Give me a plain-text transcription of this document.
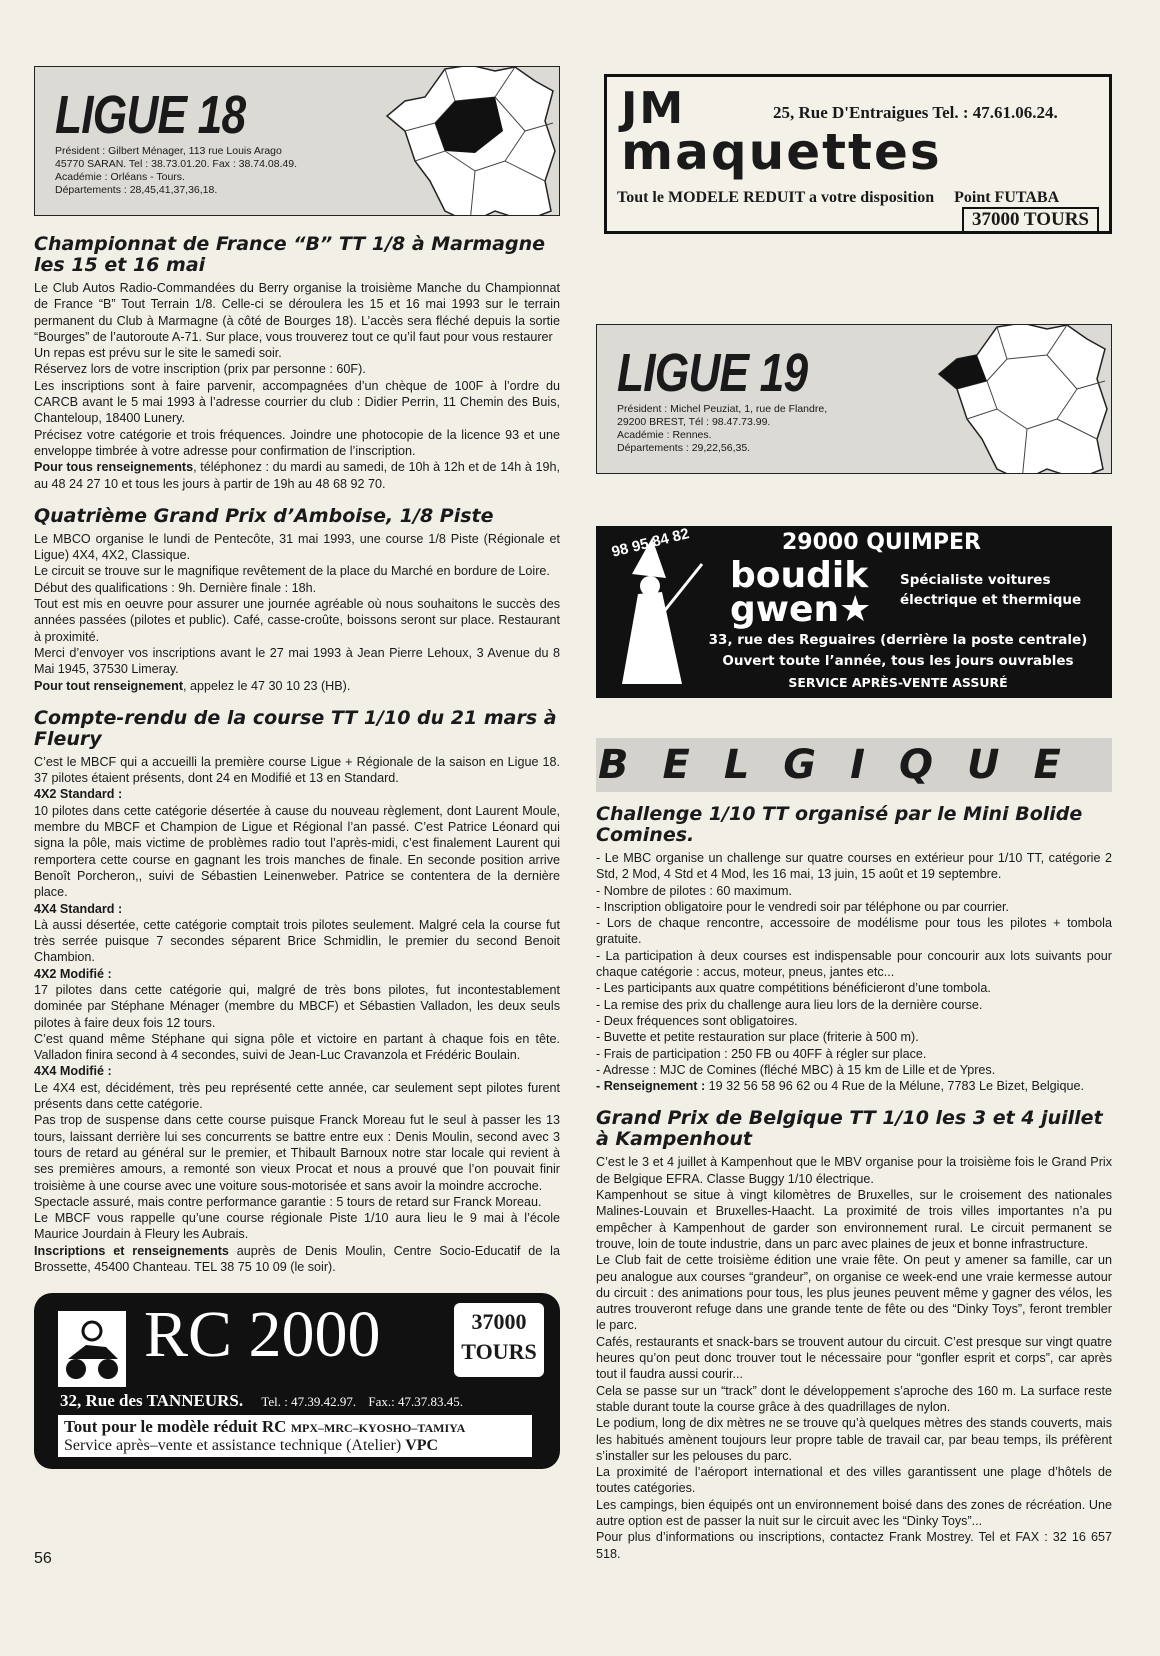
LIGUE 18
Président : Gilbert Ménager, 113 rue Louis Arago
45770 SARAN. Tel : 38.73.01.20. Fax : 38.74.08.49.
Académie : Orléans - Tours.
Départements : 28,45,41,37,36,18.
Championnat de France “B” TT 1/8 à Marmagne les 15 et 16 mai

Le Club Autos Radio-Commandées du Berry organise la troisième Manche du Championnat de France “B” Tout Terrain 1/8. Celle-ci se déroulera les 15 et 16 mai 1993 sur le terrain permanent du Club à Marmagne (à côté de Bourges 18). L’accès sera fléché depuis la sortie “Bourges” de l’autoroute A-71. Sur place, vous trouverez tout ce qu’il faut pour vous restaurer

Un repas est prévu sur le site le samedi soir.

Réservez lors de votre inscription (prix par personne : 60F).

Les inscriptions sont à faire parvenir, accompagnées d’un chèque de 100F à l’ordre du CARCB avant le 5 mai 1993 à l’adresse courrier du club : Didier Perrin, 11 Chemin des Buis, Chanteloup, 18400 Lunery.

Précisez votre catégorie et trois fréquences. Joindre une photocopie de la licence 93 et une enveloppe timbrée à votre adresse pour confirmation de l’inscription.

Pour tous renseignements, téléphonez : du mardi au samedi, de 10h à 12h et de 14h à 19h, au 48 24 27 10 et tous les jours à partir de 19h au 48 68 92 70.

Quatrième Grand Prix d’Amboise, 1/8 Piste

Le MBCO organise le lundi de Pentecôte, 31 mai 1993, une course 1/8 Piste (Régionale et Ligue) 4X4, 4X2, Classique.

Le circuit se trouve sur le magnifique revêtement de la place du Marché en bordure de Loire.

Début des qualifications : 9h. Dernière finale : 18h.

Tout est mis en oeuvre pour assurer une journée agréable où nous souhaitons le succès des années passées (pilotes et public). Café, casse-croûte, boissons seront sur place. Restaurant à proximité.

Merci d’envoyer vos inscriptions avant le 27 mai 1993 à Jean Pierre Lehoux, 3 Avenue du 8 Mai 1945, 37530 Limeray.

Pour tout renseignement, appelez le 47 30 10 23 (HB).

Compte-rendu de la course TT 1/10 du 21 mars à Fleury

C’est le MBCF qui a accueilli la première course Ligue + Régionale de la saison en Ligue 18. 37 pilotes étaient présents, dont 24 en Modifié et 13 en Standard.

4X2 Standard :

10 pilotes dans cette catégorie désertée à cause du nouveau règlement, dont Laurent Moule, membre du MBCF et Champion de Ligue et Régional l’an passé. C’est Patrice Léonard qui signa la pôle, mais victime de problèmes radio tout l’après-midi, c’est finalement Laurent qui remportera cette course en gagnant les trois manches de finale. En seconde position arrive Benoît Porcheron,, suivi de Sébastien Leinenweber. Patrice se contentera de la dernière place.

4X4 Standard :

Là aussi désertée, cette catégorie comptait trois pilotes seulement. Malgré cela la course fut très serrée puisque 7 secondes séparent Brice Schmidlin, le premier du second Benoit Chambion.

4X2 Modifié :

17 pilotes dans cette catégorie qui, malgré de très bons pilotes, fut incontestablement dominée par Stéphane Ménager (membre du MBCF) et Sébastien Valladon, les deux seuls pilotes à faire deux fois 12 tours.

C’est quand même Stéphane qui signa pôle et victoire en partant à chaque fois en tête. Valladon finira second à 4 secondes, suivi de Jean-Luc Cravanzola et Frédéric Boulain.

4X4 Modifié :

Le 4X4 est, décidément, très peu représenté cette année, car seulement sept pilotes furent présents dans cette catégorie.

Pas trop de suspense dans cette course puisque Franck Moreau fut le seul à passer les 13 tours, laissant derrière lui ses concurrents se battre entre eux : Denis Moulin, second avec 3 tours de retard au général sur le premier, et Thibault Barnoux notre star locale qui revient à ses premières amours, a remonté son vieux Procat et nous a prouvé que l’on pouvait finir troisième à une course avec une voiture sous-motorisée et sans avoir la moindre accroche.

Spectacle assuré, mais contre performance garantie : 5 tours de retard sur Franck Moreau.

Le MBCF vous rappelle qu’une course régionale Piste 1/10 aura lieu le 9 mai à l’école Maurice Jourdain à Fleury les Aubrais.

Inscriptions et renseignements auprès de Denis Moulin, Centre Socio-Educatif de la Brossette, 45400 Chanteau. TEL 38 75 10 09 (le soir).

RC 2000	37000
TOURS
32, Rue des TANNEURS. Tel. : 47.39.42.97. Fax.: 47.37.83.45.
Tout pour le modèle réduit RC MPX–MRC–KYOSHO–TAMIYA
Service après–vente et assistance technique (Atelier) VPC
JM
maquettes
25, Rue D'Entraigues Tel. : 47.61.06.24.
Tout le MODELE REDUIT a votre disposition Point FUTABA
37000 TOURS
LIGUE 19
Président : Michel Peuziat, 1, rue de Flandre,
29200 BREST, Tél : 98.47.73.99.
Académie : Rennes.
Départements : 29,22,56,35.
98 95 84 82	29000 QUIMPER
boudik
gwen★
Spécialiste voitures
électrique et thermique
33, rue des Reguaires (derrière la poste centrale)
Ouvert toute l’année, tous les jours ouvrables
SERVICE APRÈS-VENTE ASSURÉ
BELGIQUE
Challenge 1/10 TT organisé par le Mini Bolide Comines.

- Le MBC organise un challenge sur quatre courses en extérieur pour 1/10 TT, catégorie 2 Std, 2 Mod, 4 Std et 4 Mod, les 16 mai, 13 juin, 15 août et 19 septembre.

- Nombre de pilotes : 60 maximum.

- Inscription obligatoire pour le vendredi soir par téléphone ou par courrier.

- Lors de chaque rencontre, accessoire de modélisme pour tous les pilotes + tombola gratuite.

- La participation à deux courses est indispensable pour concourir aux lots suivants pour chaque catégorie : accus, moteur, pneus, jantes etc...

- Les participants aux quatre compétitions bénéficieront d’une tombola.

- La remise des prix du challenge aura lieu lors de la dernière course.

- Deux fréquences sont obligatoires.

- Buvette et petite restauration sur place (friterie à 500 m).

- Frais de participation : 250 FB ou 40FF à régler sur place.

- Adresse : MJC de Comines (fléché MBC) à 15 km de Lille et de Ypres.

- Renseignement : 19 32 56 58 96 62 ou 4 Rue de la Mélune, 7783 Le Bizet, Belgique.

Grand Prix de Belgique TT 1/10 les 3 et 4 juillet à Kampenhout

C’est le 3 et 4 juillet à Kampenhout que le MBV organise pour la troisième fois le Grand Prix de Belgique EFRA. Classe Buggy 1/10 électrique.

Kampenhout se situe à vingt kilomètres de Bruxelles, sur le croisement des nationales Malines-Louvain et Bruxelles-Haacht. La proximité de trois villes importantes n’a pu empêcher à Kampenhout de garder son environnement rural. Le circuit permanent se trouve, loin de toute industrie, dans un parc avec plaines de jeux et bonne infrastructure.

Le Club fait de cette troisième édition une vraie fête. On peut y amener sa famille, car un peu analogue aux courses “grandeur”, on organise ce week-end une vraie kermesse autour du circuit : des animations pour tous, les plus jeunes peuvent même y gagner des vélos, les autres trouveront refuge dans une grande tente de fête ou des “Dinky Toys”, feront trembler le parc.

Cafés, restaurants et snack-bars se trouvent autour du circuit. C’est presque sur vingt quatre heures qu’on peut donc trouver tout le nécessaire pour “gonfler esprit et corps”, car après tout il faudra aussi courir...

Cela se passe sur un “track” dont le développement s’aproche des 160 m. La surface reste stable durant toute la course grâce à des quadrillages de nylon.

Le podium, long de dix mètres ne se trouve qu’à quelques mètres des stands couverts, mais les habitués amènent toujours leur propre table de travail car, par beau temps, ils préfèrent s’installer sur les pelouses du parc.

La proximité de l’aéroport international et des villes garantissent une plage d’hôtels de toutes catégories.

Les campings, bien équipés ont un environnement boisé dans des zones de récréation. Une autre option est de passer la nuit sur le circuit avec les “Dinky Toys”...

Pour plus d’informations ou inscriptions, contactez Frank Mostrey. Tel et FAX : 32 16 657 518.

56
